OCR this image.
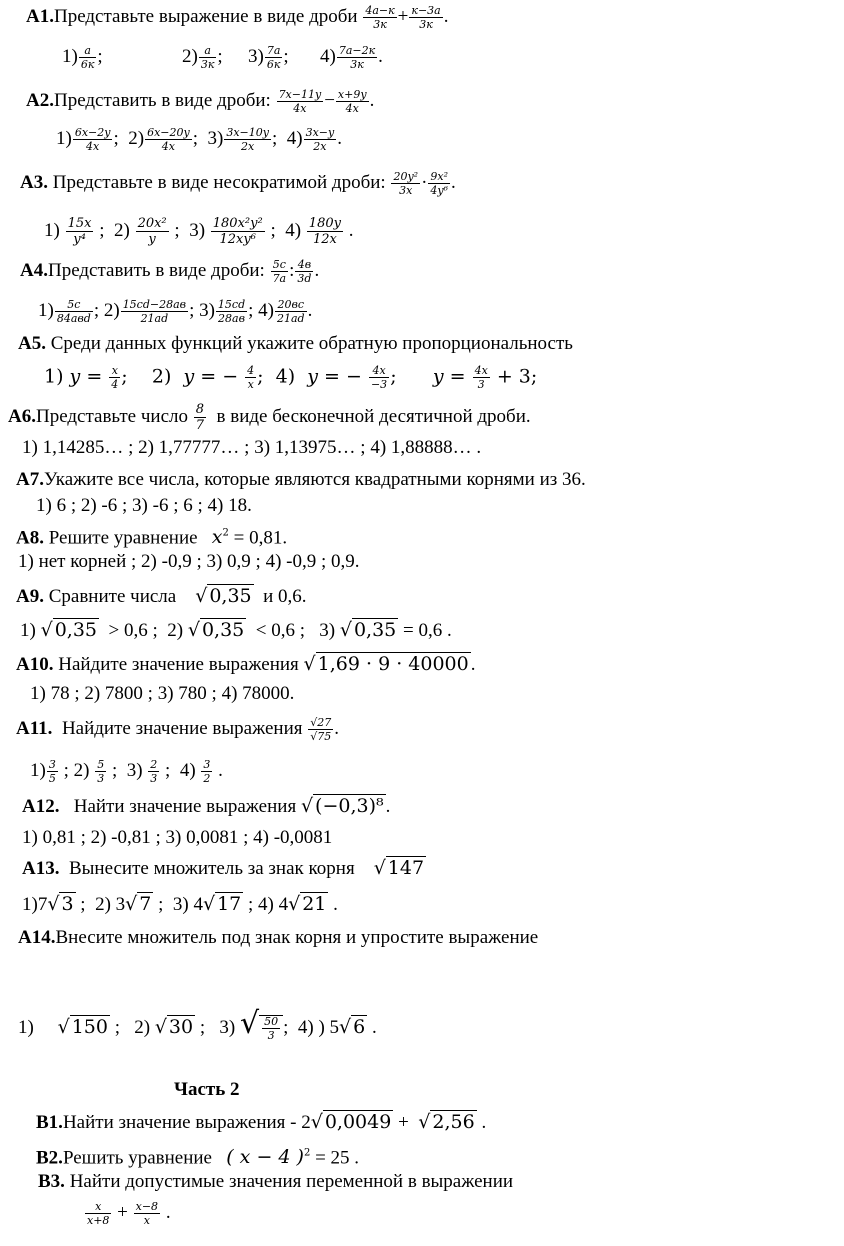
А1.Представьте выражение в виде дроби 4a−к
3к + к−3a
3к .
1) a
6к ;	2) a
3к ; 3) 7a
6к ; 4) 7a−2к
3к .
А2.Представить в виде дроби: $\frac{7x-11y}{4x} - \frac{x+9y}{4x}$ .
$1) \frac{6x-2y}{4x}$ ; $2) \frac{6x-20y}{4x}$ ; $3) \frac{3x-10y}{2x}$ ; $4) \frac{3x-y}{2x}$ .
А3. Представьте в виде несократимой дроби: $\frac{\text{20y²}}{3x} \cdot \frac{\text{9x²}}{\text{4y⁶}}$ .
$1) \frac{15x}{\text{y⁴}}$ ; $2) \frac{\text{20x²}}{y}$ ; $3) \frac{\text{180x²y²}}{\text{12xy⁶}}$ ; $4) \frac{180y}{12x}$ .
А4.Представить в виде дроби: $\frac{5c}{7a}$ : 4в
3d .
1)	5c
84aвd ; 2) 15cd−28aв
21ad	; 3) 15cd
28aв ; 4) 20вc
21ad .
А5. Среди данных функций укажите обратную пропорциональность
1) $y = \frac{x}{4}$ ; 2)  y = − $\frac{4}{x}$ ; 4)  y = − $\frac{4x}{-3}$ ;      $y = \frac{4x}{3} + 3$;
А6.Представьте число $\frac{8}{7}$ в виде бесконечной десятичной дроби.
1) 1,14285… ; 2) 1,77777… ; 3) 1,13975… ; 4) 1,88888… .
А7.Укажите все числа, которые являются квадратными корнями из 36.
1) 6 ; 2) -6 ; 3) -6 ; 6 ; 4) 18.
А8. Решите уравнение $x^2 = 0,81$.
1) нет корней ; 2) -0,9 ; 3) 0,9 ; 4) -0,9 ; 0,9.
А9. Сравните числа √ 0,35 и 0,6.
1) √ 0,35 > 0,6 ; 2) √ 0,35 < 0,6 ; 3) √ 0,35 = 0,6 .
А10. Найдите значение выражения √ 1,69 · 9 · 40000 .
1) 78 ; 2) 7800 ; 3) 780 ; 4) 78000.
А11. Найдите значение выражения $\frac{√27}{√75}$ .
$1) \frac{3}{5}$ ; $2) \frac{5}{3}$ ;  $3) \frac{2}{3}$ ;  $4) \frac{3}{2}$ .
А12. Найти значение выражения √ (−0,3)⁸ .
1) 0,81 ; 2) -0,81 ; 3) 0,0081 ; 4) -0,0081
А13. Вынесите множитель за знак корня √ 147
1)7√ 3 ; 2) 3√ 7 ; 3) 4√ 17 ; 4) 4√ 21 .
А14.Внесите множитель под знак корня и упростите выражение
1) √ 150 ;   2) √ 30 ;   3) √ $\frac{50}{3}$ ;  4) ) 5√ 6 .
Часть 2
В1.Найти значение выражения - 2√ 0,0049 +  √ 2,56 .
В2.Решить уравнение ( x − 4 )$^2$ = 25 .
В3. Найти допустимые значения переменной в выражении
$\frac{x}{x+8} + \frac{x-8}{x}$ .
